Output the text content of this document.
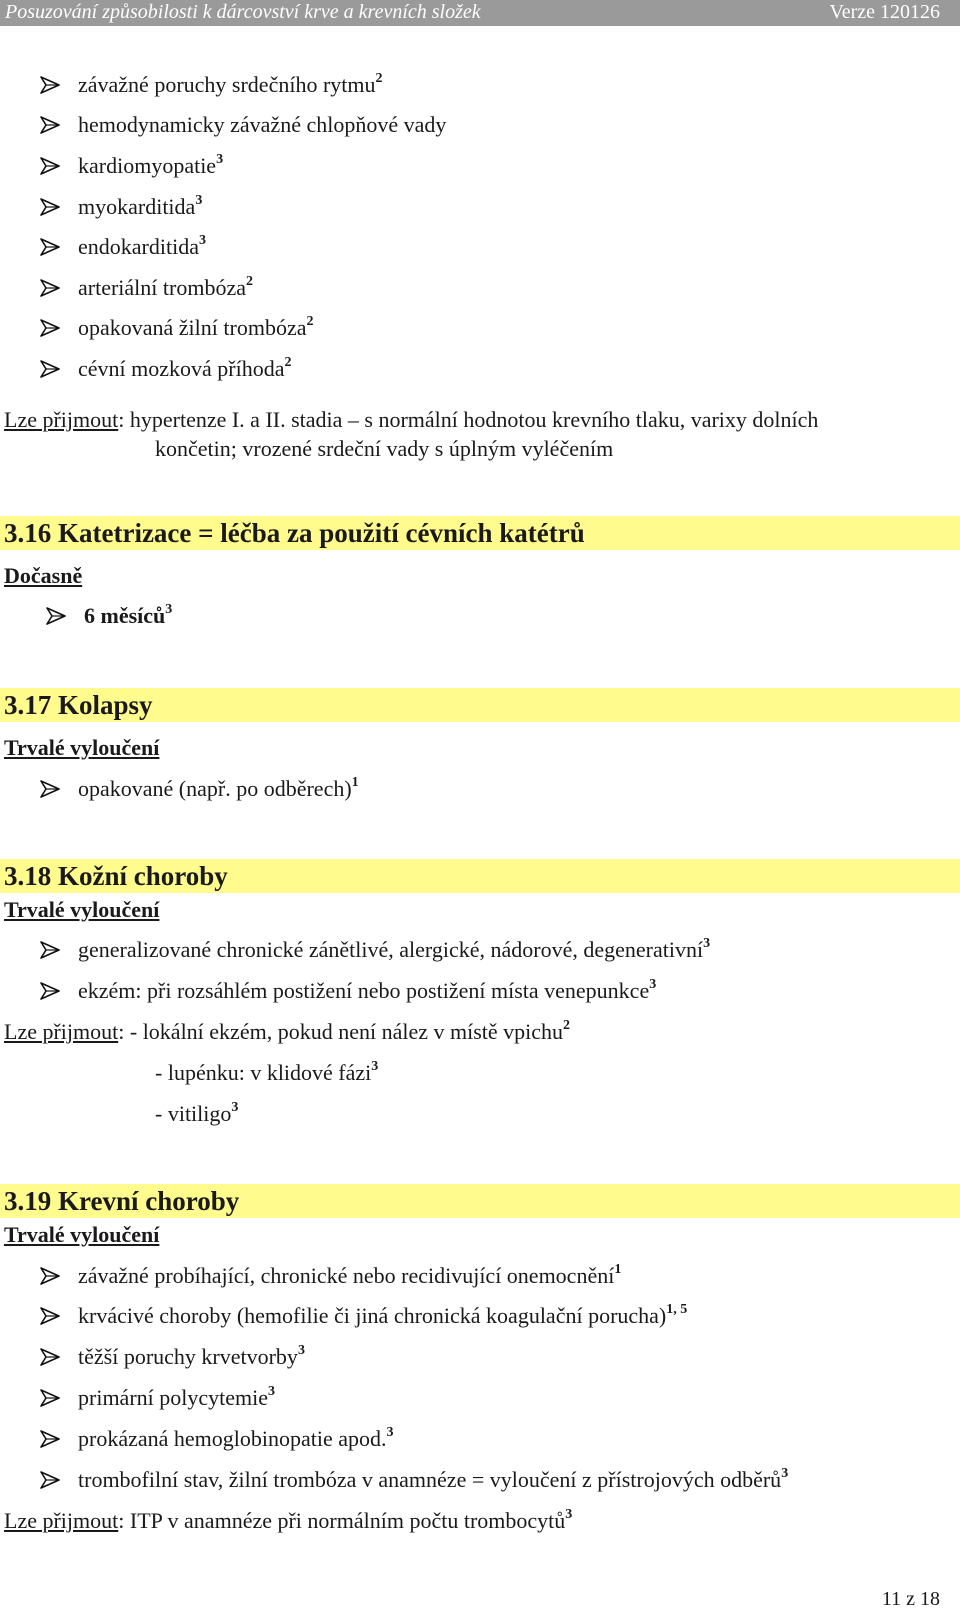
Posuzování způsobilosti k dárcovství krve a krevních složek	Verze 120126
závažné poruchy srdečního rytmu$^2$
hemodynamicky závažné chlopňové vady
kardiomyopatie$^3$
myokarditida$^3$
endokarditida$^3$
arteriální trombóza$^2$
opakovaná žilní trombóza$^2$
cévní mozková příhoda$^2$
Lze přijmout: hypertenze I. a II. stadia – s normální hodnotou krevního tlaku, varixy dolních
končetin; vrozené srdeční vady s úplným vyléčením
3.16 Katetrizace = léčba za použití cévních katétrů
Dočasně
6 měsíců$^3$
3.17 Kolapsy
Trvalé vyloučení
opakované (např. po odběrech)$^1$
3.18 Kožní choroby
Trvalé vyloučení
generalizované chronické zánětlivé, alergické, nádorové, degenerativní$^3$
ekzém: při rozsáhlém postižení nebo postižení místa venepunkce$^3$
Lze přijmout: - lokální ekzém, pokud není nález v místě vpichu$^2$
- lupénku: v klidové fázi$^3$
- vitiligo$^3$
3.19 Krevní choroby
Trvalé vyloučení
závažné probíhající, chronické nebo recidivující onemocnění$^1$
krvácivé choroby (hemofilie či jiná chronická koagulační porucha)$^{1, 5}$
těžší poruchy krvetvorby$^3$
primární polycytemie$^3$
prokázaná hemoglobinopatie apod.$^3$
trombofilní stav, žilní trombóza v anamnéze = vyloučení z přístrojových odběrů$^3$
Lze přijmout: ITP v anamnéze při normálním počtu trombocytů$^3$
11 z 18
